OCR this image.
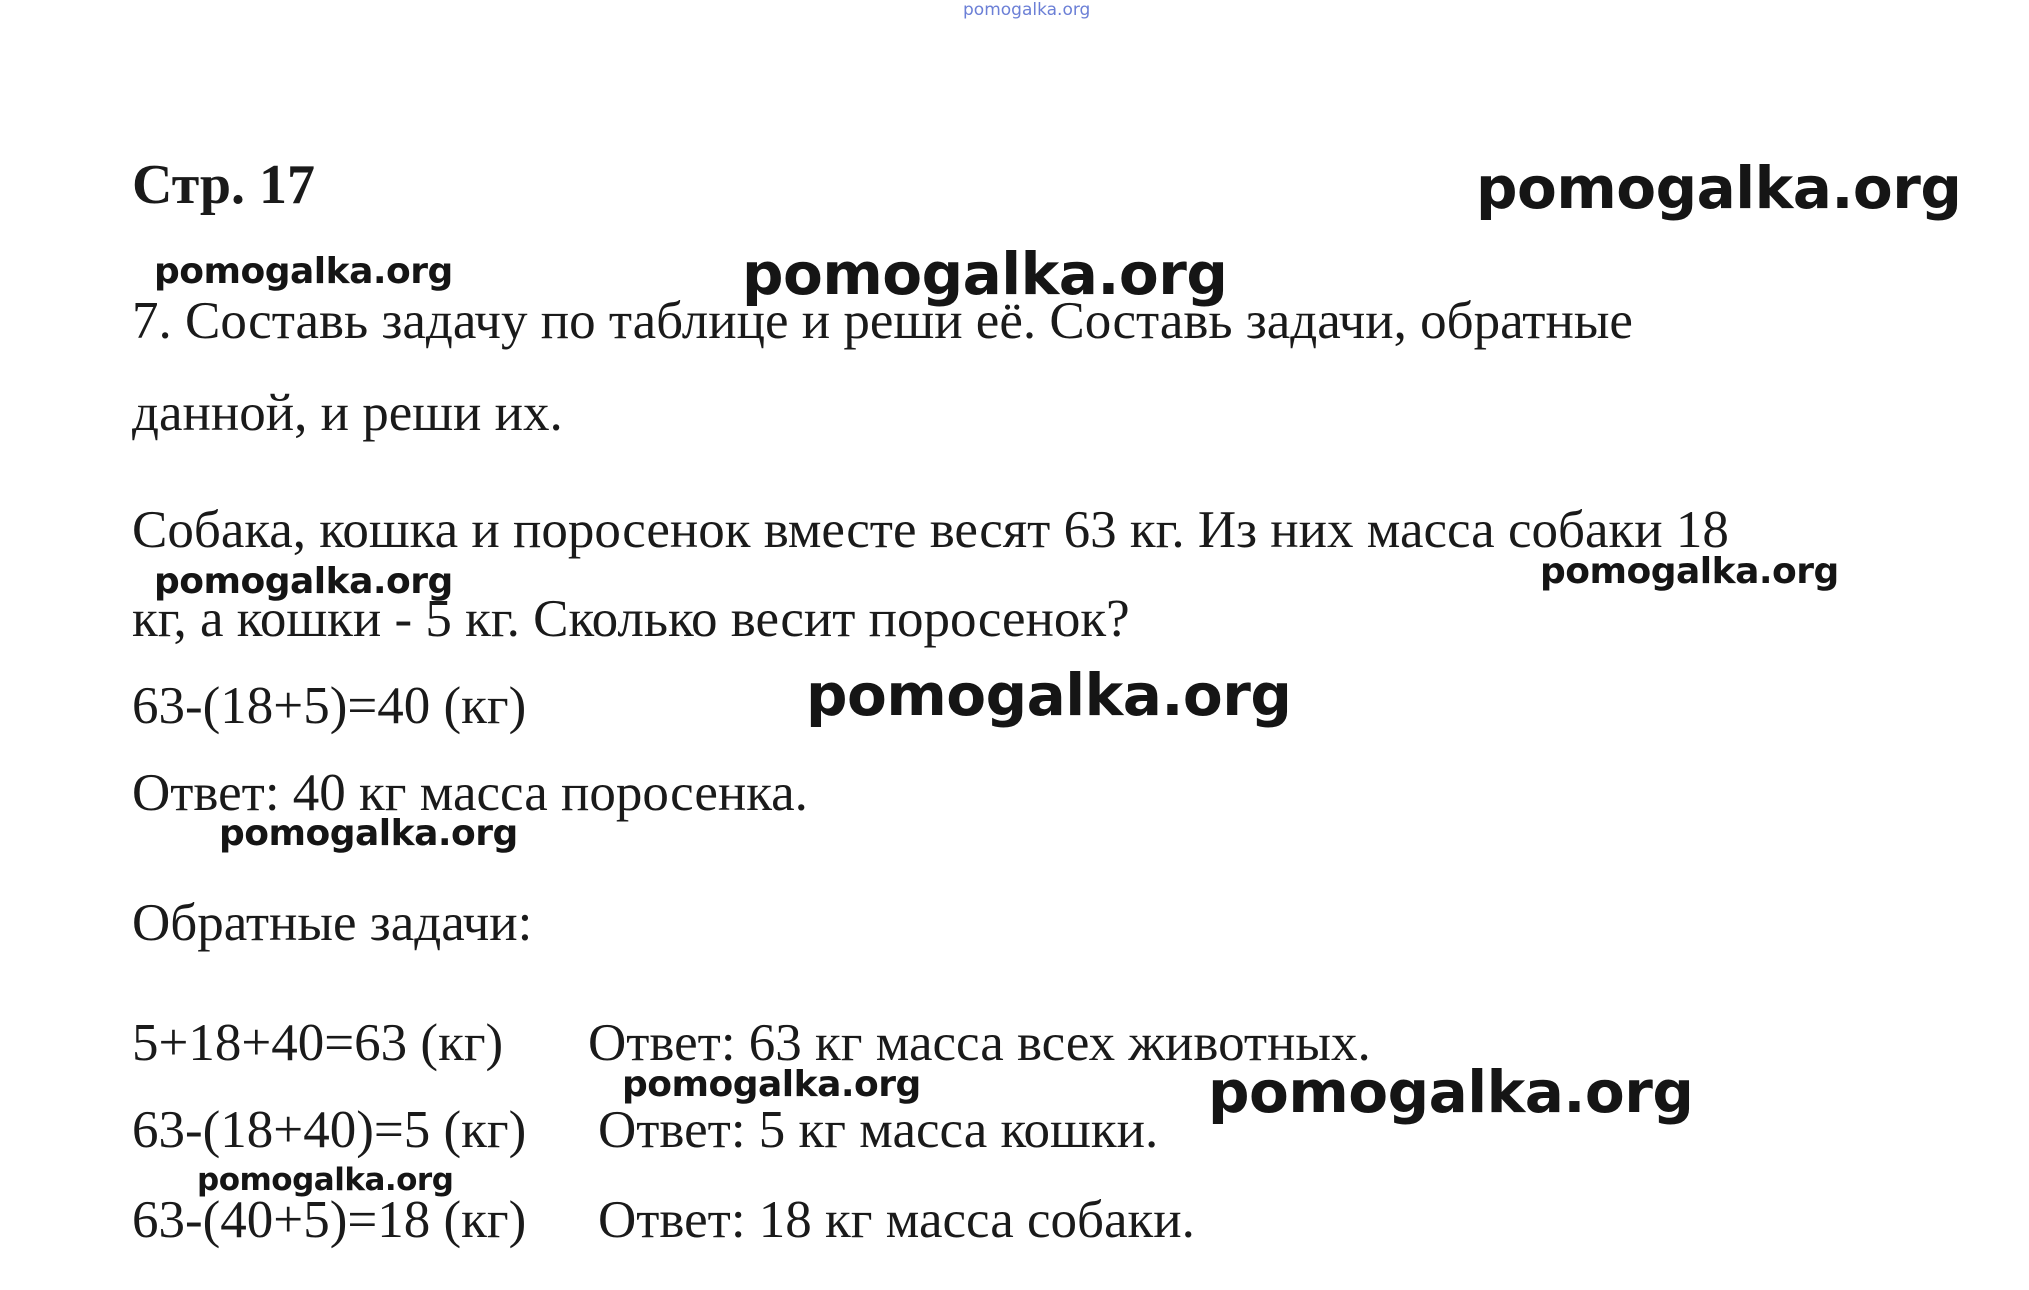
pomogalka.org
Стр. 17	pomogalka.org
pomogalka.org	pomogalka.org
7. Составь задачу по таблице и реши её. Составь задачи, обратные
данной, и реши их.
Собака, кошка и поросенок вместе весят 63 кг. Из них масса собаки 18
pomogalka.org	pomogalka.org
кг, а кошки - 5 кг. Сколько весит поросенок?
63-(18+5)=40 (кг)	pomogalka.org
Ответ: 40 кг масса поросенка.
pomogalka.org
Обратные задачи:
5+18+40=63 (кг) Ответ: 63 кг масса всех животных.
pomogalka.org	pomogalka.org
63-(18+40)=5 (кг) Ответ: 5 кг масса кошки.
pomogalka.org
63-(40+5)=18 (кг) Ответ: 18 кг масса собаки.
